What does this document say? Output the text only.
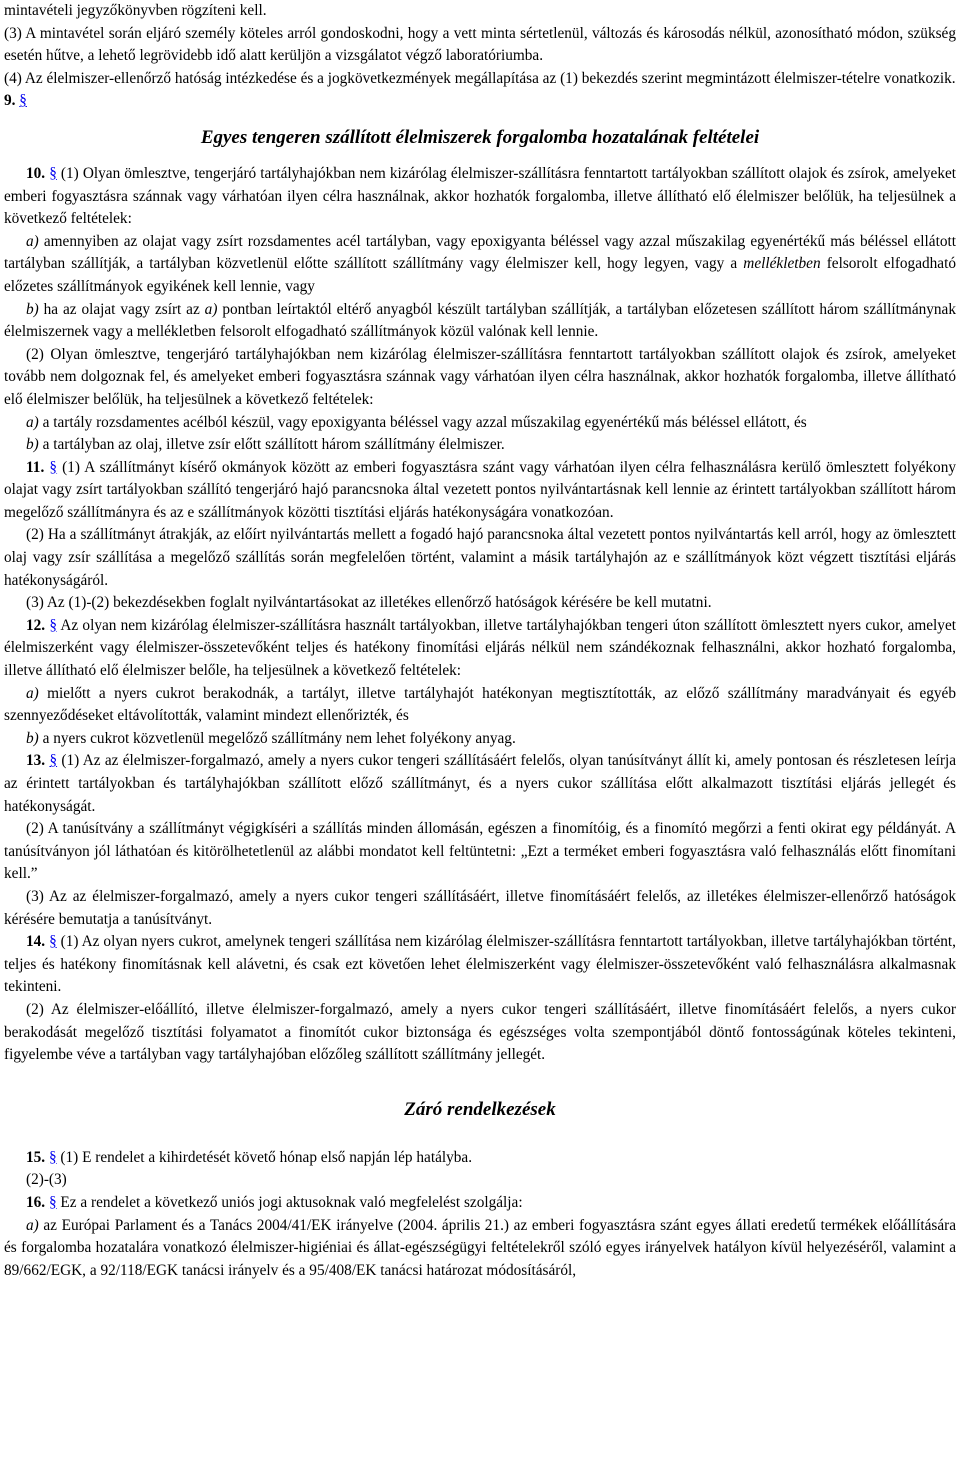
mintavételi jegyzőkönyvben rögzíteni kell.

(3) A mintavétel során eljáró személy köteles arról gondoskodni, hogy a vett minta sértetlenül, változás és károsodás nélkül, azonosítható módon, szükség esetén hűtve, a lehető legrövidebb idő alatt kerüljön a vizsgálatot végző laboratóriumba.

(4) Az élelmiszer-ellenőrző hatóság intézkedése és a jogkövetkezmények megállapítása az (1) bekezdés szerint megmintázott élelmiszer-tételre vonatkozik.

9. §

Egyes tengeren szállított élelmiszerek forgalomba hozatalának feltételei

10. § (1) Olyan ömlesztve, tengerjáró tartályhajókban nem kizárólag élelmiszer-szállításra fenntartott tartályokban szállított olajok és zsírok, amelyeket emberi fogyasztásra szánnak vagy várhatóan ilyen célra használnak, akkor hozhatók forgalomba, illetve állítható elő élelmiszer belőlük, ha teljesülnek a következő feltételek:

a) amennyiben az olajat vagy zsírt rozsdamentes acél tartályban, vagy epoxigyanta béléssel vagy azzal műszakilag egyenértékű más béléssel ellátott tartályban szállítják, a tartályban közvetlenül előtte szállított szállítmány vagy élelmiszer kell, hogy legyen, vagy a mellékletben felsorolt elfogadható előzetes szállítmányok egyikének kell lennie, vagy

b) ha az olajat vagy zsírt az a) pontban leírtaktól eltérő anyagból készült tartályban szállítják, a tartályban előzetesen szállított három szállítmánynak élelmiszernek vagy a mellékletben felsorolt elfogadható szállítmányok közül valónak kell lennie.

(2) Olyan ömlesztve, tengerjáró tartályhajókban nem kizárólag élelmiszer-szállításra fenntartott tartályokban szállított olajok és zsírok, amelyeket tovább nem dolgoznak fel, és amelyeket emberi fogyasztásra szánnak vagy várhatóan ilyen célra használnak, akkor hozhatók forgalomba, illetve állítható elő élelmiszer belőlük, ha teljesülnek a következő feltételek:

a) a tartály rozsdamentes acélból készül, vagy epoxigyanta béléssel vagy azzal műszakilag egyenértékű más béléssel ellátott, és

b) a tartályban az olaj, illetve zsír előtt szállított három szállítmány élelmiszer.

11. § (1) A szállítmányt kísérő okmányok között az emberi fogyasztásra szánt vagy várhatóan ilyen célra felhasználásra kerülő ömlesztett folyékony olajat vagy zsírt tartályokban szállító tengerjáró hajó parancsnoka által vezetett pontos nyilvántartásnak kell lennie az érintett tartályokban szállított három megelőző szállítmányra és az e szállítmányok közötti tisztítási eljárás hatékonyságára vonatkozóan.

(2) Ha a szállítmányt átrakják, az előírt nyilvántartás mellett a fogadó hajó parancsnoka által vezetett pontos nyilvántartás kell arról, hogy az ömlesztett olaj vagy zsír szállítása a megelőző szállítás során megfelelően történt, valamint a másik tartályhajón az e szállítmányok közt végzett tisztítási eljárás hatékonyságáról.

(3) Az (1)-(2) bekezdésekben foglalt nyilvántartásokat az illetékes ellenőrző hatóságok kérésére be kell mutatni.

12. § Az olyan nem kizárólag élelmiszer-szállításra használt tartályokban, illetve tartályhajókban tengeri úton szállított ömlesztett nyers cukor, amelyet élelmiszerként vagy élelmiszer-összetevőként teljes és hatékony finomítási eljárás nélkül nem szándékoznak felhasználni, akkor hozható forgalomba, illetve állítható elő élelmiszer belőle, ha teljesülnek a következő feltételek:

a) mielőtt a nyers cukrot berakodnák, a tartályt, illetve tartályhajót hatékonyan megtisztították, az előző szállítmány maradványait és egyéb szennyeződéseket eltávolították, valamint mindezt ellenőrizték, és

b) a nyers cukrot közvetlenül megelőző szállítmány nem lehet folyékony anyag.

13. § (1) Az az élelmiszer-forgalmazó, amely a nyers cukor tengeri szállításáért felelős, olyan tanúsítványt állít ki, amely pontosan és részletesen leírja az érintett tartályokban és tartályhajókban szállított előző szállítmányt, és a nyers cukor szállítása előtt alkalmazott tisztítási eljárás jellegét és hatékonyságát.

(2) A tanúsítvány a szállítmányt végigkíséri a szállítás minden állomásán, egészen a finomítóig, és a finomító megőrzi a fenti okirat egy példányát. A tanúsítványon jól láthatóan és kitörölhetetlenül az alábbi mondatot kell feltüntetni: „Ezt a terméket emberi fogyasztásra való felhasználás előtt finomítani kell.”

(3) Az az élelmiszer-forgalmazó, amely a nyers cukor tengeri szállításáért, illetve finomításáért felelős, az illetékes élelmiszer-ellenőrző hatóságok kérésére bemutatja a tanúsítványt.

14. § (1) Az olyan nyers cukrot, amelynek tengeri szállítása nem kizárólag élelmiszer-szállításra fenntartott tartályokban, illetve tartályhajókban történt, teljes és hatékony finomításnak kell alávetni, és csak ezt követően lehet élelmiszerként vagy élelmiszer-összetevőként való felhasználásra alkalmasnak tekinteni.

(2) Az élelmiszer-előállító, illetve élelmiszer-forgalmazó, amely a nyers cukor tengeri szállításáért, illetve finomításáért felelős, a nyers cukor berakodását megelőző tisztítási folyamatot a finomítót cukor biztonsága és egészséges volta szempontjából döntő fontosságúnak köteles tekinteni, figyelembe véve a tartályban vagy tartályhajóban előzőleg szállított szállítmány jellegét.

Záró rendelkezések

15. § (1) E rendelet a kihirdetését követő hónap első napján lép hatályba.

(2)-(3)

16. § Ez a rendelet a következő uniós jogi aktusoknak való megfelelést szolgálja:

a) az Európai Parlament és a Tanács 2004/41/EK irányelve (2004. április 21.) az emberi fogyasztásra szánt egyes állati eredetű termékek előállítására és forgalomba hozatalára vonatkozó élelmiszer-higiéniai és állat-egészségügyi feltételekről szóló egyes irányelvek hatályon kívül helyezéséről, valamint a 89/662/EGK, a 92/118/EGK tanácsi irányelv és a 95/408/EK tanácsi határozat módosításáról,
